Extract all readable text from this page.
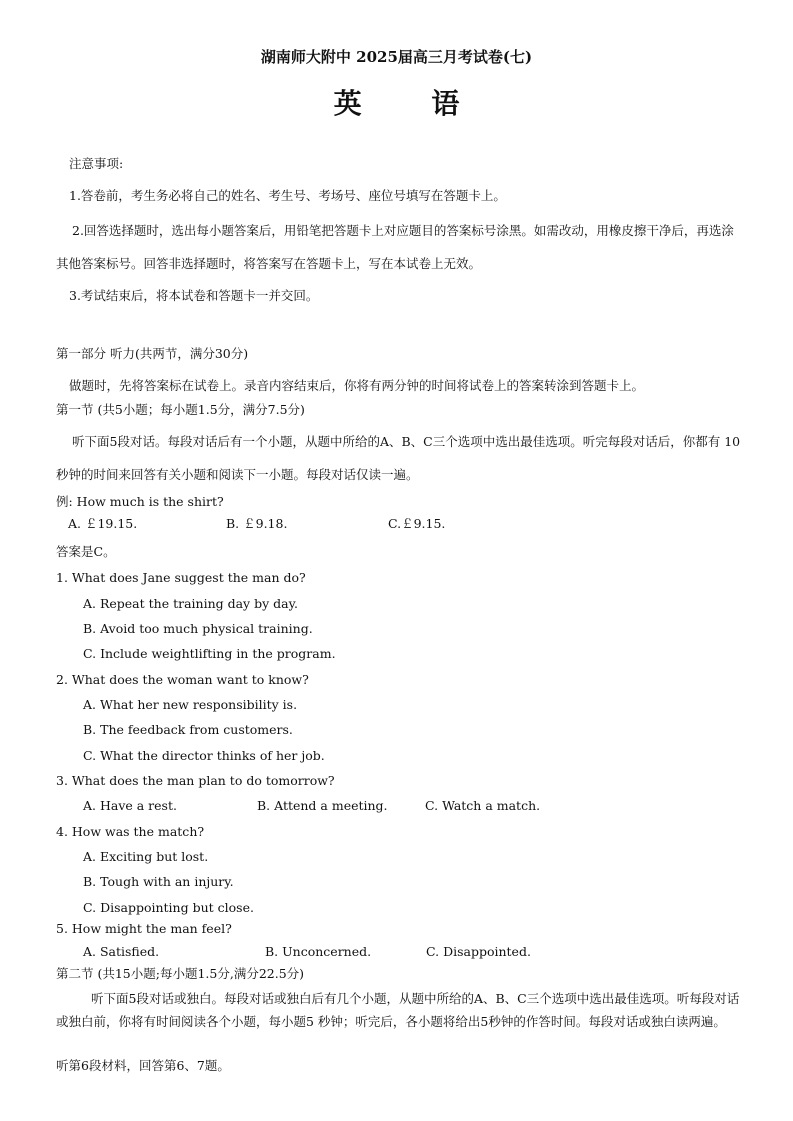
湖南师大附中 2025届高三月考试卷(七)
英 语
注意事项:
1.答卷前，考生务必将自己的姓名、考生号、考场号、座位号填写在答题卡上。
2.回答选择题时，选出每小题答案后，用铅笔把答题卡上对应题目的答案标号涂黑。如需改动，用橡皮擦干净后，再选涂其他答案标号。回答非选择题时，将答案写在答题卡上，写在本试卷上无效。
3.考试结束后，将本试卷和答题卡一并交回。
第一部分 听力(共两节，满分30分)
做题时，先将答案标在试卷上。录音内容结束后，你将有两分钟的时间将试卷上的答案转涂到答题卡上。
第一节 (共5小题；每小题1.5分，满分7.5分)
听下面5段对话。每段对话后有一个小题，从题中所给的A、B、C三个选项中选出最佳选项。听完每段对话后，你都有 10秒钟的时间来回答有关小题和阅读下一小题。每段对话仅读一遍。
例: How much is the shirt?
A. ￡19.15.	B. ￡9.18.	C.￡9.15.
答案是C。
1. What does Jane suggest the man do?
A. Repeat the training day by day.
B. Avoid too much physical training.
C. Include weightlifting in the program.
2. What does the woman want to know?
A. What her new responsibility is.
B. The feedback from customers.
C. What the director thinks of her job.
3. What does the man plan to do tomorrow?
A. Have a rest.	B. Attend a meeting.	C. Watch a match.
4. How was the match?
A. Exciting but lost.
B. Tough with an injury.
C. Disappointing but close.
5. How might the man feel?
A. Satisfied.	B. Unconcerned.	C. Disappointed.
第二节 (共15小题;每小题1.5分,满分22.5分)
听下面5段对话或独白。每段对话或独白后有几个小题，从题中所给的A、B、C三个选项中选出最佳选项。听每段对话或独白前，你将有时间阅读各个小题，每小题5 秒钟；听完后，各小题将给出5秒钟的作答时间。每段对话或独白读两遍。
听第6段材料，回答第6、7题。
